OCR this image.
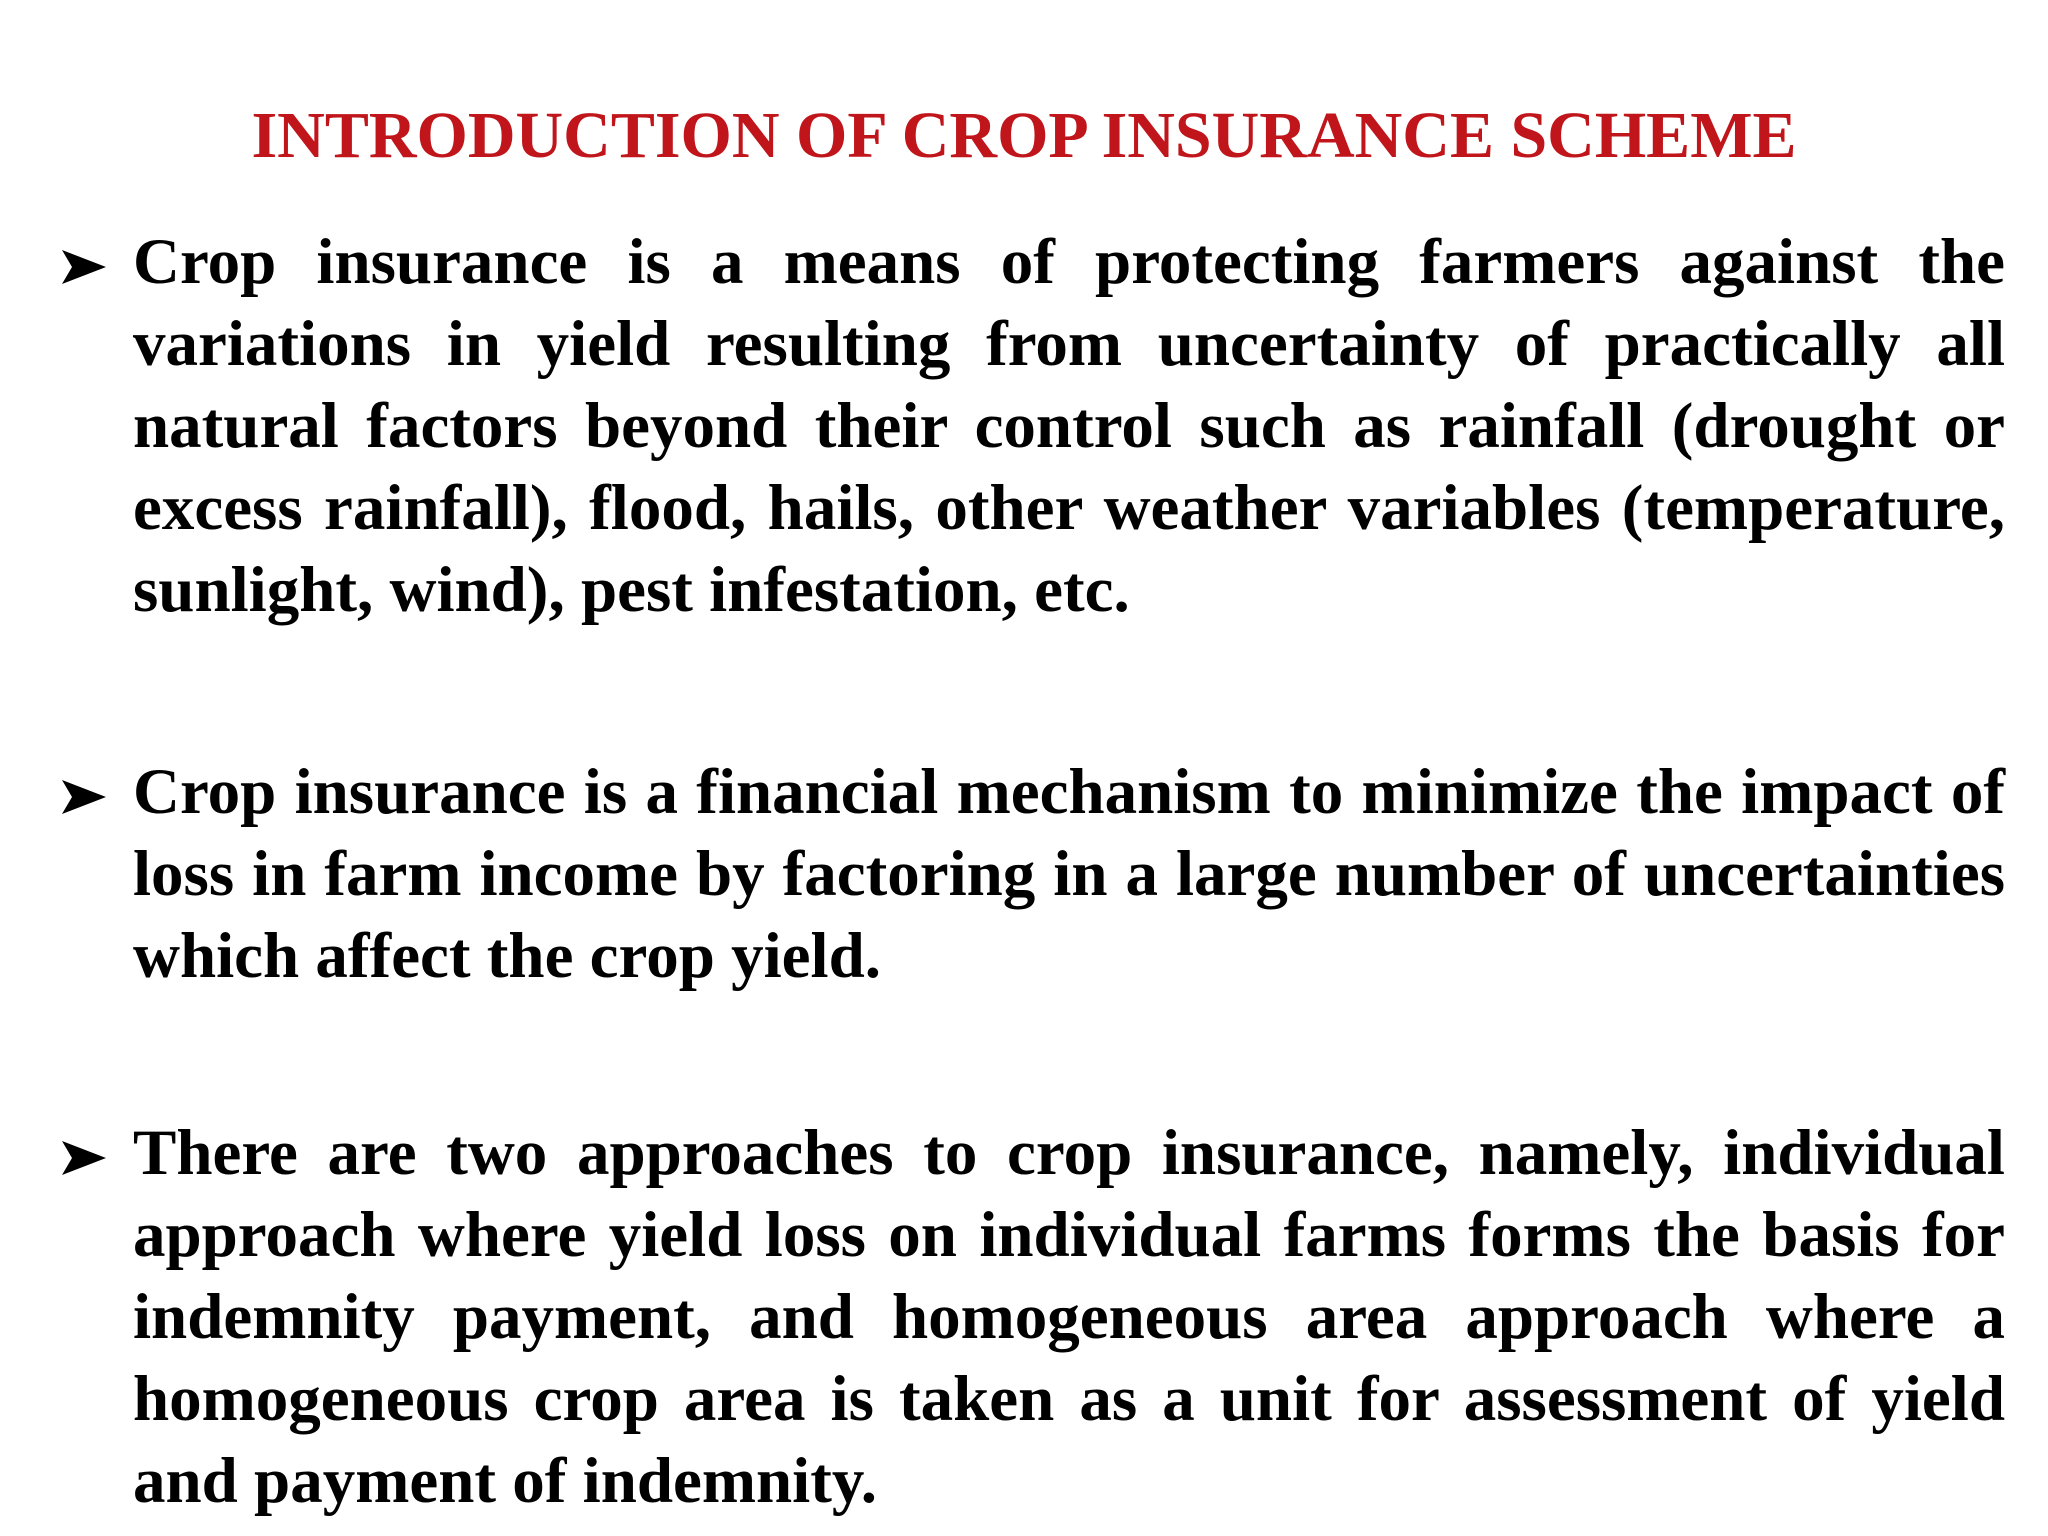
INTRODUCTION OF CROP INSURANCE SCHEME

Crop insurance is a means of protecting farmers against the variations in yield resulting from uncertainty of practically all natural factors beyond their control such as rainfall (drought or excess rainfall), flood, hails, other weather variables (temperature, sunlight, wind), pest infestation, etc.

Crop insurance is a financial mechanism to minimize the impact of loss in farm income by factoring in a large number of uncertainties which affect the crop yield.

There are two approaches to crop insurance, namely, individual approach where yield loss on individual farms forms the basis for indemnity payment, and homogeneous area approach where a homogeneous crop area is taken as a unit for assessment of yield and payment of indemnity.
